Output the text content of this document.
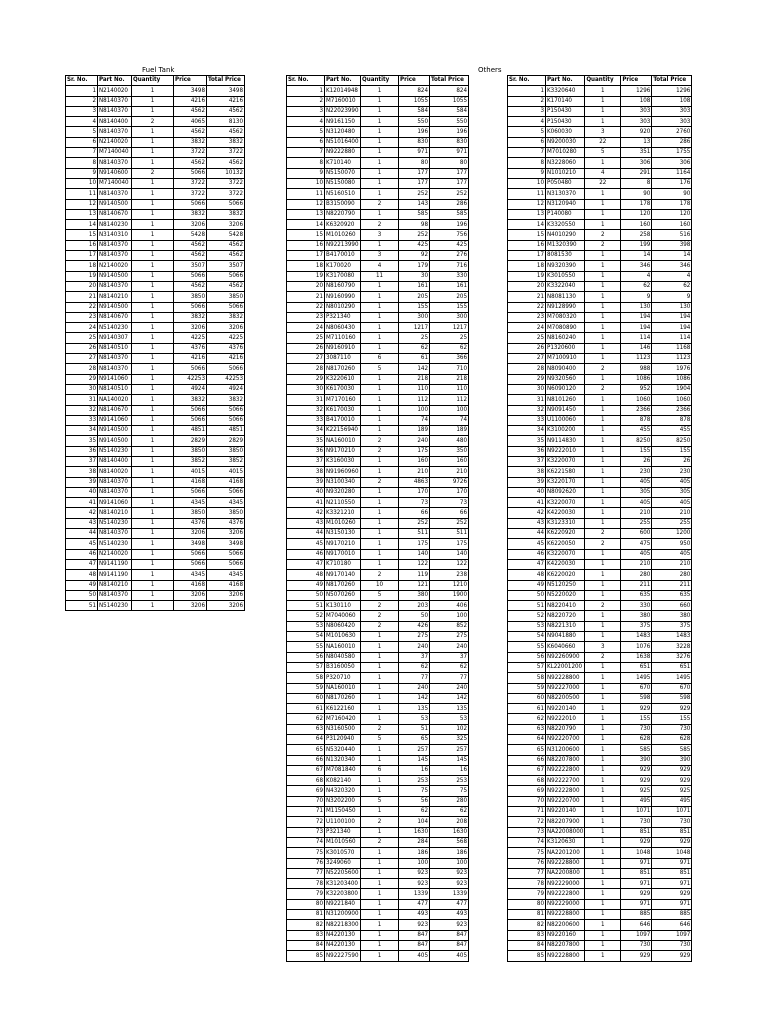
Fuel Tank	Others
Sr. No.	Part No.	Quantity	Price	Total Price
1	N2140020	1	3498	3498
2	N8140370	1	4216	4216
3	N8140370	1	4562	4562
4	N8140400	2	4065	8130
5	N8140370	1	4562	4562
6	N2140020	1	3832	3832
7	M7140040	1	3722	3722
8	N8140370	1	4562	4562
9	N9140600	2	5066	10132
10	M7140040	1	3722	3722
11	N8140370	1	3722	3722
12	N9140500	1	5066	5066
13	N8140670	1	3832	3832
14	N8140230	1	3206	3206
15	N3140310	1	5428	5428
16	N8140370	1	4562	4562
17	N8140370	1	4562	4562
18	N2140020	1	3507	3507
19	N9140500	1	5066	5066
20	N8140370	1	4562	4562
21	N8140210	1	3850	3850
22	N9140500	1	5066	5066
23	N8140670	1	3832	3832
24	N5140230	1	3206	3206
25	N9140307	1	4225	4225
26	N8140510	1	4376	4376
27	N8140370	1	4216	4216
28	N8140370	1	5066	5066
29	N9141060	1	42253	42253
30	N8140510	1	4924	4924
31	NA140020	1	3832	3832
32	N8140670	1	5066	5066
33	N9141060	1	5066	5066
34	N9140500	1	4851	4851
35	N9140500	1	2829	2829
36	N5140230	1	3850	3850
37	N8140400	1	3852	3852
38	N8140020	1	4015	4015
39	N8140370	1	4168	4168
40	N8140370	1	5066	5066
41	N9141060	1	4345	4345
42	N8140210	1	3850	3850
43	N5140230	1	4376	4376
44	N8140370	1	3206	3206
45	N5140230	1	3498	3498
46	N2140020	1	5066	5066
47	N9141190	1	5066	5066
48	N9141190	1	4345	4345
49	N8140210	1	4168	4168
50	N8140370	1	3206	3206
51	N5140230	1	3206	3206
Sr. No.	Part No.	Quantity	Price	Total Price
1	K12014948	1	824	824
2	M7160010	1	1055	1055
3	N22023990	1	584	584
4	N9161150	1	550	550
5	N3120480	1	196	196
6	N51016400	1	830	830
7	N9222880	1	971	971
8	K710140	1	80	80
9	N5150070	1	177	177
10	N5150080	1	177	177
11	N5160510	1	252	252
12	B3150090	2	143	286
13	N8220790	1	585	585
14	K6320920	2	98	196
15	M1010260	3	252	756
16	N92213990	1	425	425
17	B4170010	3	92	276
18	K170020	4	179	716
19	K3170080	11	30	330
20	N8160790	1	161	161
21	N9160990	1	205	205
22	N8010290	1	155	155
23	P321340	1	300	300
24	N8060430	1	1217	1217
25	M7110160	1	25	25
26	N9160910	1	62	62
27	3087110	6	61	366
28	N8170260	5	142	710
29	K3220610	1	218	218
30	K6170030	1	110	110
31	M7170160	1	112	112
32	K6170030	1	100	100
33	B4170010	1	74	74
34	K22156940	1	189	189
35	NA160010	2	240	480
36	N9170210	2	175	350
37	K3160030	1	160	160
38	N91960960	1	210	210
39	N3100340	2	4863	9726
40	N9320280	1	170	170
41	N2110550	1	73	73
42	K3321210	1	66	66
43	M1010260	1	252	252
44	N3150130	1	511	511
45	N9170210	1	175	175
46	N9170010	1	140	140
47	K710180	1	122	122
48	N9170140	2	119	238
49	N8170260	10	121	1210
50	N5070260	5	380	1900
51	K130110	2	203	406
52	M7040060	2	50	100
53	N8060420	2	426	852
54	M1010630	1	275	275
55	NA160010	1	240	240
56	N8040580	1	37	37
57	B3160050	1	62	62
58	P320710	1	77	77
59	NA160010	1	240	240
60	N8170260	1	142	142
61	K6122160	1	135	135
62	M7160420	1	53	53
63	N3160500	2	51	102
64	P3120940	5	65	325
65	N5320440	1	257	257
66	N1320340	1	145	145
67	M7081840	6	16	16
68	K082140	1	253	253
69	N4320320	1	75	75
70	N3202200	5	56	280
71	M1150450	1	62	62
72	U1100100	2	104	208
73	P321340	1	1630	1630
74	M1010560	2	284	568
75	K3010570	1	186	186
76	3249060	1	100	100
77	N52205600	1	923	923
78	K31203400	1	923	923
79	K32203800	1	1339	1339
80	N9221840	1	477	477
81	N31200900	1	493	493
82	N82218300	1	923	923
83	N4220130	1	847	847
84	N4220130	1	847	847
85	N92227590	1	405	405
Sr. No.	Part No.	Quantity	Price	Total Price
1	K3320640	1	1296	1296
2	K170140	1	108	108
3	P150430	1	303	303
4	P150430	1	303	303
5	K060030	3	920	2760
6	N9200030	22	13	286
7	M7010280	5	351	1755
8	N3228060	1	306	306
9	N1010210	4	291	1164
10	P050480	22	8	176
11	N3130370	1	90	90
12	N3120940	1	178	178
13	P140080	1	120	120
14	K3320550	1	160	160
15	N4010290	2	258	516
16	M1320390	2	199	398
17	8081530	1	14	14
18	N9320390	1	346	346
19	K3010550	1	4	4
20	K3322040	1	62	62
21	N8081130	1	9	9
22	N9128990	1	130	130
23	M7080320	1	194	194
24	M7080890	1	194	194
25	N8160240	1	114	114
26	P1320600	1	146	1168
27	M7100910	1	1123	1123
28	N8090400	2	988	1976
29	N9320560	1	1086	1086
30	N6090120	2	952	1904
31	N8101260	1	1060	1060
32	N9091450	1	2366	2366
33	U1100060	1	878	878
34	K3100200	1	455	455
35	N9114830	1	8250	8250
36	N9222010	1	155	155
37	K3220070	1	26	26
38	K6221580	1	230	230
39	K3220170	1	405	405
40	N8092620	1	305	305
41	K3220070	1	405	405
42	K4220030	1	210	210
43	K3123310	1	255	255
44	K6220920	2	600	1200
45	K6220050	2	475	950
46	K3220070	1	405	405
47	K4220030	1	210	210
48	K6220020	1	280	280
49	N5120250	1	211	211
50	N5220020	1	635	635
51	N8220410	2	330	660
52	N8220720	1	380	380
53	N8221310	1	375	375
54	N9041880	1	1483	1483
55	K6040660	3	1076	3228
56	N92260900	2	1638	3276
57	KL22001200	1	651	651
58	N92228800	1	1495	1495
59	N92227000	1	670	670
60	N82200500	1	598	598
61	N9220140	1	929	929
62	N9222010	1	155	155
63	N8220790	1	730	730
64	N92220700	1	628	628
65	N31200600	1	585	585
66	N82207800	1	390	390
67	N92222800	1	929	929
68	N92222700	1	929	929
69	N92222800	1	925	925
70	N92220700	1	495	495
71	N9220140	1	1071	1071
72	N82207900	1	730	730
73	NA22008000	1	851	851
74	K3120630	1	929	929
75	NA2201200	1	1048	1048
76	N92228800	1	971	971
77	NA2200800	1	851	851
78	N92229000	1	971	971
79	N92222800	1	929	929
80	N92229000	1	971	971
81	N92228800	1	885	885
82	N82200600	1	646	646
83	N9220160	1	1097	1097
84	N82207800	1	730	730
85	N92228800	1	929	929
